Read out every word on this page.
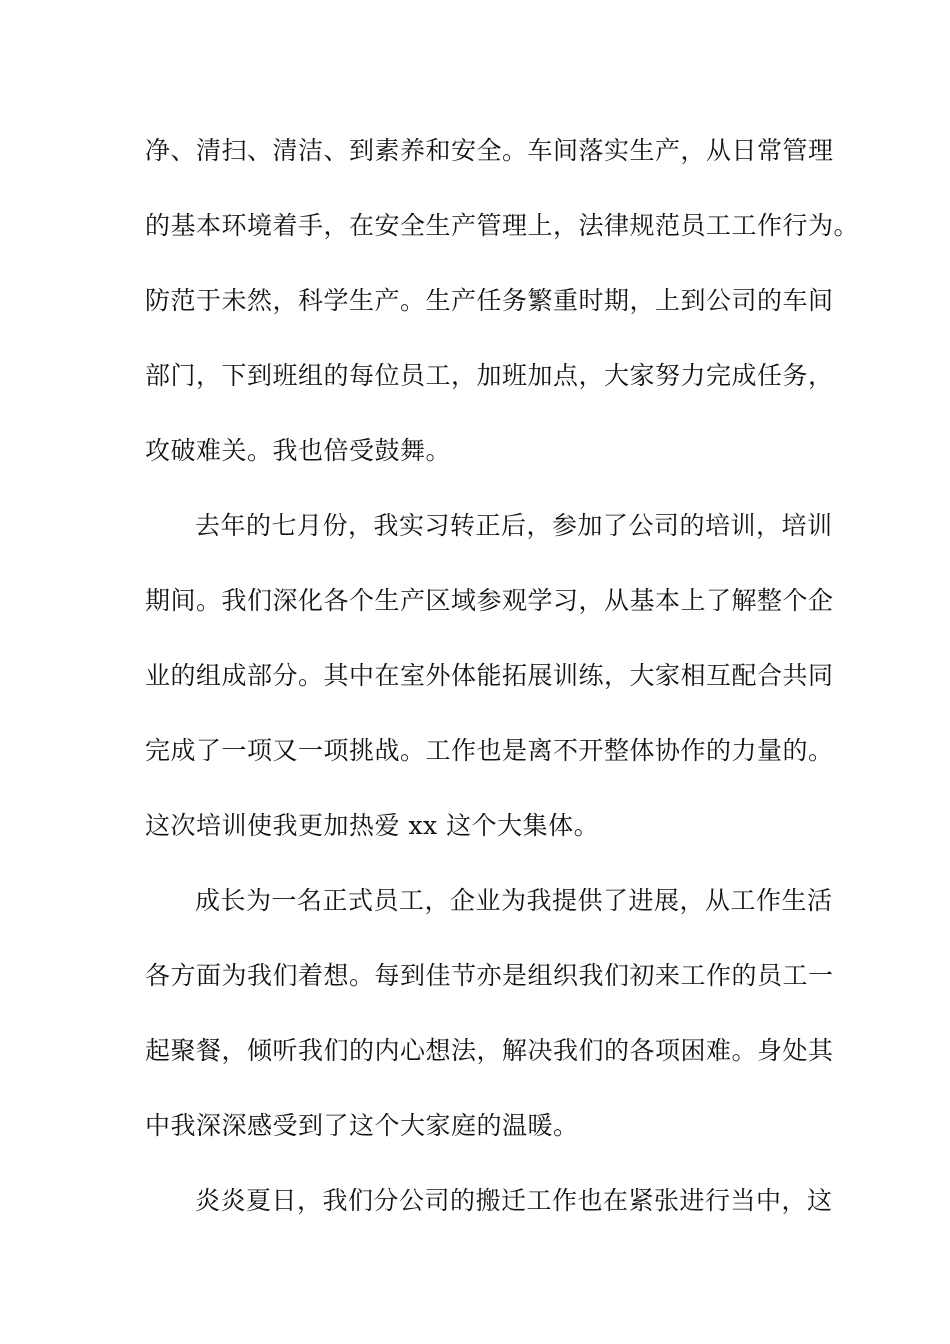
净、清扫、清洁、到素养和安全。车间落实生产，从日常管理
的基本环境着手，在安全生产管理上，法律规范员工工作行为。
防范于未然，科学生产。生产任务繁重时期，上到公司的车间
部门，下到班组的每位员工，加班加点，大家努力完成任务，
攻破难关。我也倍受鼓舞。
去年的七月份，我实习转正后，参加了公司的培训，培训
期间。我们深化各个生产区域参观学习，从基本上了解整个企
业的组成部分。其中在室外体能拓展训练，大家相互配合共同
完成了一项又一项挑战。工作也是离不开整体协作的力量的。
这次培训使我更加热爱 xx 这个大集体。
成长为一名正式员工，企业为我提供了进展，从工作生活
各方面为我们着想。每到佳节亦是组织我们初来工作的员工一
起聚餐，倾听我们的内心想法，解决我们的各项困难。身处其
中我深深感受到了这个大家庭的温暖。
炎炎夏日，我们分公司的搬迁工作也在紧张进行当中，这
